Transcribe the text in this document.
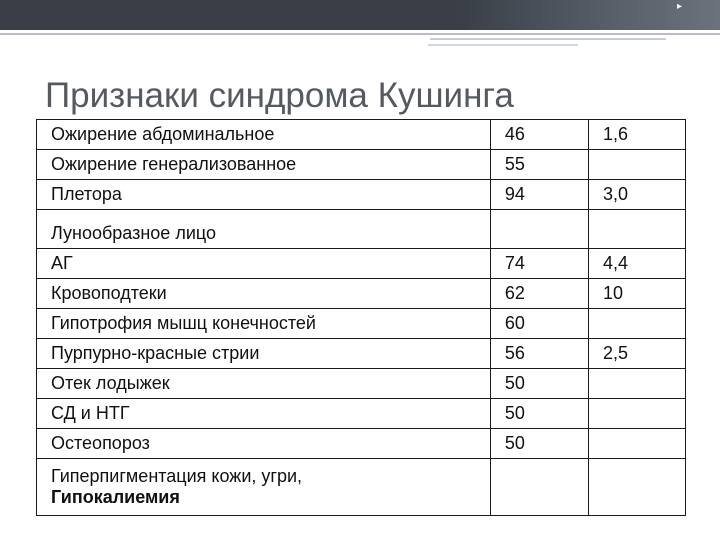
▸
Признаки синдрома Кушинга
Ожирение абдоминальное	46	1,6
Ожирение генерализованное	55	
Плетора	94	3,0
Лунообразное лицо		
АГ	74	4,4
Кровоподтеки	62	10
Гипотрофия мышц конечностей	60	
Пурпурно-красные стрии	56	2,5
Отек лодыжек	50	
СД и НТГ	50	
Остеопороз	50	

Гиперпигментация кожи, угри,
Гипокалиемия		
